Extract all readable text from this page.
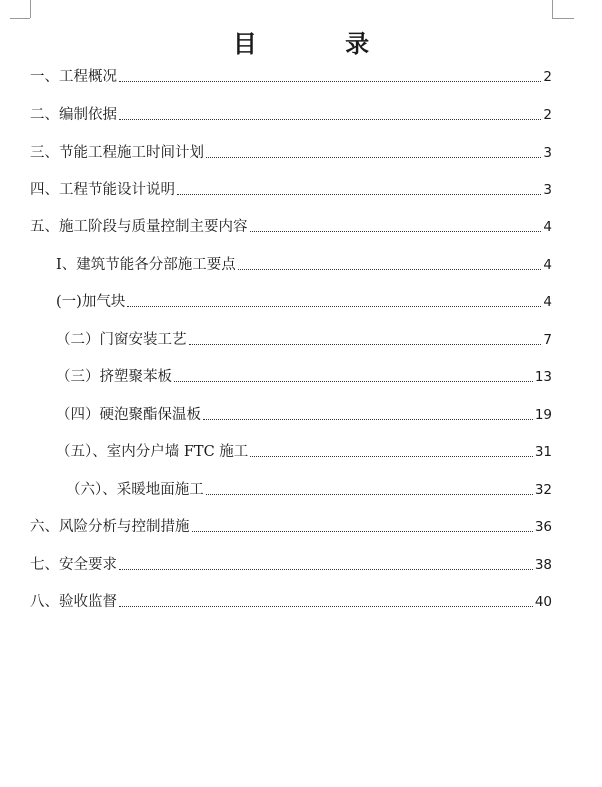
目 录
一、工程概况	2
二、编制依据	2
三、节能工程施工时间计划	3
四、工程节能设计说明	3
五、施工阶段与质量控制主要内容	4
I、建筑节能各分部施工要点	4
(一)加气块	4
（二）门窗安装工艺	7
（三）挤塑聚苯板	13
（四）硬泡聚酯保温板	19
（五）、室内分户墙 FTC 施工	31
（六）、采暖地面施工	32
六、风险分析与控制措施	36
七、安全要求	38
八、验收监督	40
